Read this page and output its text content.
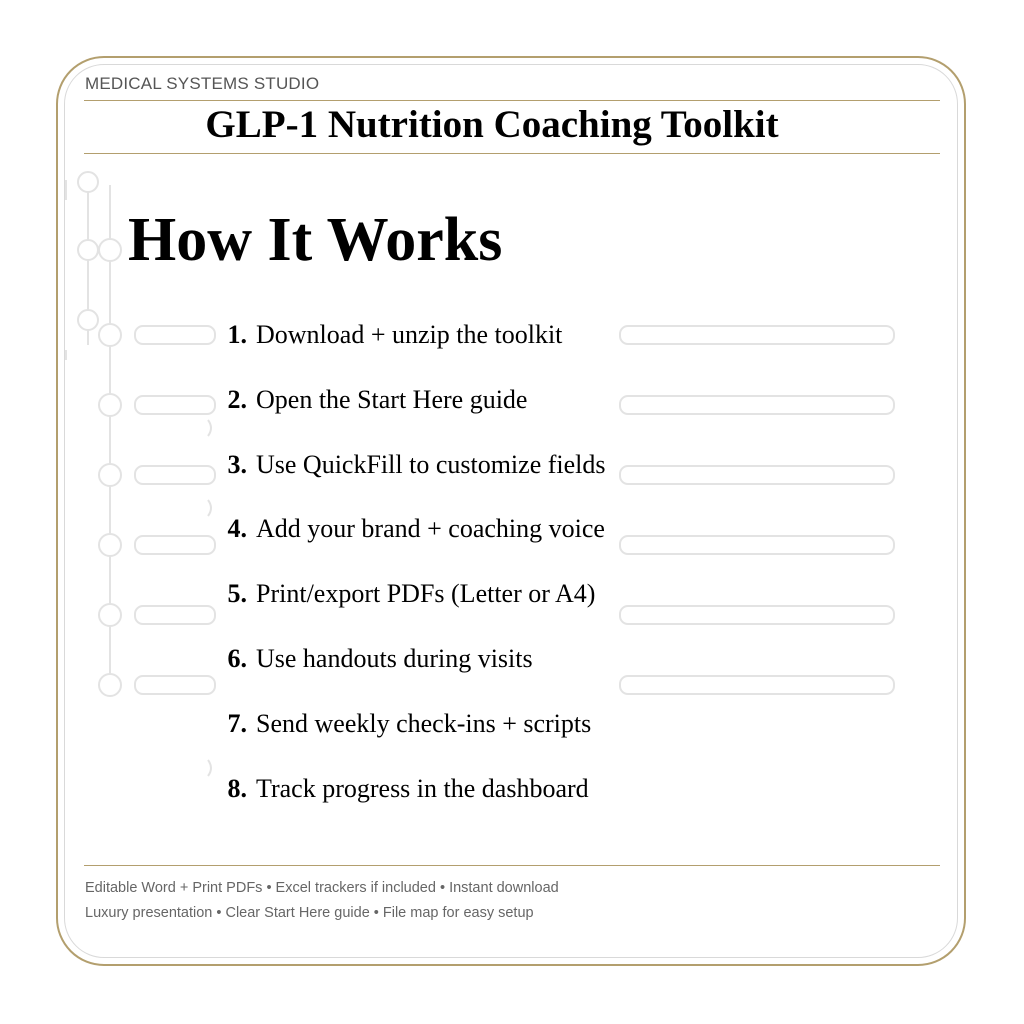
MEDICAL SYSTEMS STUDIO
GLP-1 Nutrition Coaching Toolkit
How It Works
1. Download + unzip the toolkit
2. Open the Start Here guide
3. Use QuickFill to customize fields
4. Add your brand + coaching voice
5. Print/export PDFs (Letter or A4)
6. Use handouts during visits
7. Send weekly check-ins + scripts
8. Track progress in the dashboard
Editable Word + Print PDFs • Excel trackers if included • Instant download
Luxury presentation • Clear Start Here guide • File map for easy setup
